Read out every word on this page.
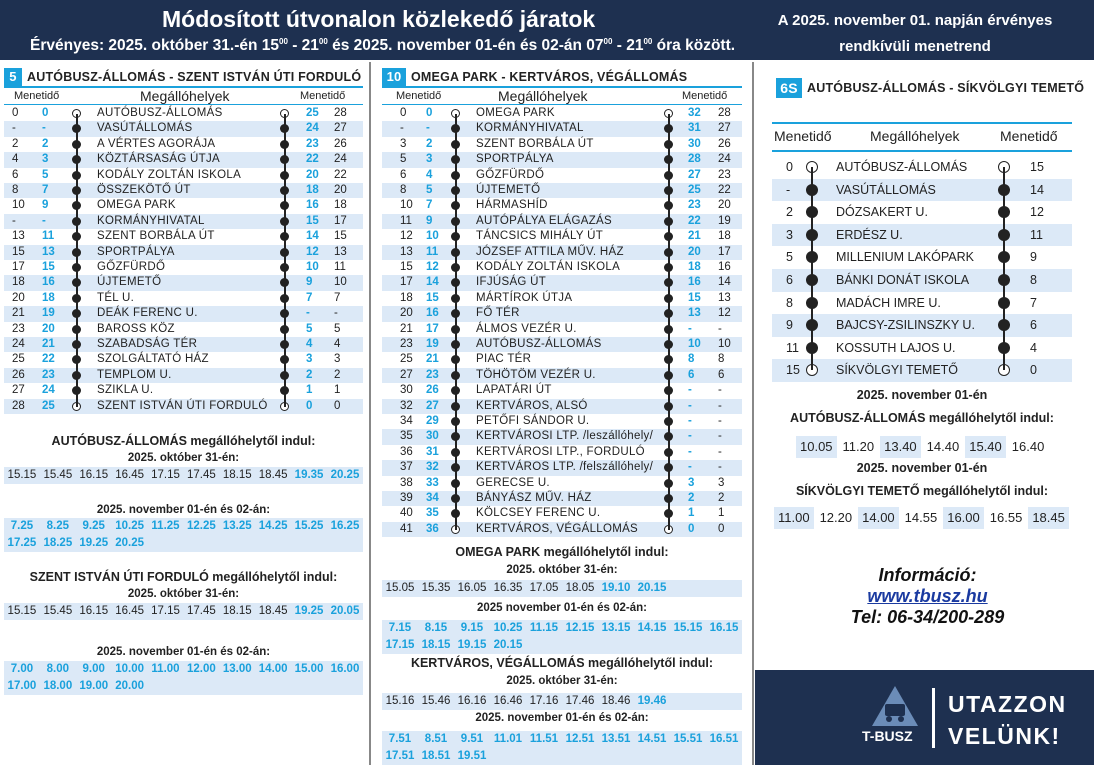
Módosított útvonalon közlekedő járatok
Érvényes: 2025. október 31.-én $15^{00} - 21^{00}$ és 2025. november 01-én és 02-án $07^{00} - 21^{00}$ óra között.
A 2025. november 01. napján érvényes
rendkívüli menetrend
5 AUTÓBUSZ-ÁLLOMÁS - SZENT ISTVÁN ÚTI FORDULÓ
Menetidő	Megállóhelyek	Menetidő
0 0	AUTÓBUSZ-ÁLLOMÁS	25 28
- -	VASÚTÁLLOMÁS	24 27
2 2	A VÉRTES AGORÁJA	23 26
4 3	KÖZTÁRSASÁG ÚTJA	22 24
6 5	KODÁLY ZOLTÁN ISKOLA	20 22
8 7	ÖSSZEKÖTŐ ÚT	18 20
10 9	OMEGA PARK	16 18
- -	KORMÁNYHIVATAL	15 17
13 11	SZENT BORBÁLA ÚT	14 15
15 13	SPORTPÁLYA	12 13
17 15	GŐZFÜRDŐ	10 11
18 16	ÚJTEMETŐ	9 10
20 18	TÉL U.	7 7
21 19	DEÁK FERENC U.	- -
23 20	BAROSS KÖZ	5 5
24 21	SZABADSÁG TÉR	4 4
25 22	SZOLGÁLTATÓ HÁZ	3 3
26 23	TEMPLOM U.	2 2
27 24	SZIKLA U.	1 1
28 25	SZENT ISTVÁN ÚTI FORDULÓ	0 0
AUTÓBUSZ-ÁLLOMÁS megállóhelytől indul:
2025. október 31-én:
15.15 15.45 16.15 16.45 17.15 17.45 18.15 18.45 19.35 20.25
2025. november 01-én és 02-án:
7.25	8.25	9.25 10.25 11.25 12.25 13.25 14.25 15.25 16.25
17.25 18.25 19.25 20.25
SZENT ISTVÁN ÚTI FORDULÓ megállóhelytől indul:
2025. október 31-én:
15.15 15.45 16.15 16.45 17.15 17.45 18.15 18.45 19.25 20.05
2025. november 01-én és 02-án:
7.00	8.00	9.00 10.00 11.00 12.00 13.00 14.00 15.00 16.00
17.00 18.00 19.00 20.00
10 OMEGA PARK - KERTVÁROS, VÉGÁLLOMÁS
Menetidő	Megállóhelyek	Menetidő
0 0	OMEGA PARK	32 28
- -	KORMÁNYHIVATAL	31 27
3 2	SZENT BORBÁLA ÚT	30 26
5 3	SPORTPÁLYA	28 24
6 4	GŐZFÜRDŐ	27 23
8 5	ÚJTEMETŐ	25 22
10 7	HÁRMASHÍD	23 20
11 9	AUTÓPÁLYA ELÁGAZÁS	22 19
12 10	TÁNCSICS MIHÁLY ÚT	21 18
13 11	JÓZSEF ATTILA MŰV. HÁZ	20 17
15 12	KODÁLY ZOLTÁN ISKOLA	18 16
17 14	IFJÚSÁG ÚT	16 14
18 15	MÁRTÍROK ÚTJA	15 13
20 16	FŐ TÉR	13 12
21 17	ÁLMOS VEZÉR U.	- -
23 19	AUTÓBUSZ-ÁLLOMÁS	10 10
25 21	PIAC TÉR	8 8
27 23	TÖHÖTÖM VEZÉR U.	6 6
30 26	LAPATÁRI ÚT	- -
32 27	KERTVÁROS, ALSÓ	- -
34 29	PETŐFI SÁNDOR U.	- -
35 30	KERTVÁROSI LTP. /leszállóhely/	- -
36 31	KERTVÁROSI LTP., FORDULÓ	- -
37 32	KERTVÁROS LTP. /felszállóhely/	- -
38 33	GERECSE U.	3 3
39 34	BÁNYÁSZ MŰV. HÁZ	2 2
40 35	KÖLCSEY FERENC U.	1 1
41 36	KERTVÁROS, VÉGÁLLOMÁS	0 0
OMEGA PARK megállóhelytől indul:
2025. október 31-én:
15.05 15.35 16.05 16.35 17.05 18.05 19.10 20.15
2025 november 01-én és 02-án:
7.15	8.15	9.15 10.25 11.15 12.15 13.15 14.15 15.15 16.15
17.15 18.15 19.15 20.15
KERTVÁROS, VÉGÁLLOMÁS megállóhelytől indul:
2025. október 31-én:
15.16 15.46 16.16 16.46 17.16 17.46 18.46 19.46
2025. november 01-én és 02-án:
7.51	8.51	9.51 11.01 11.51 12.51 13.51 14.51 15.51 16.51
17.51 18.51 19.51
6S AUTÓBUSZ-ÁLLOMÁS - SÍKVÖLGYI TEMETŐ
Menetidő	Megállóhelyek	Menetidő
0	AUTÓBUSZ-ÁLLOMÁS	15
-	VASÚTÁLLOMÁS	14
2	DÓZSAKERT U.	12
3	ERDÉSZ U.	11
5	MILLENIUM LAKÓPARK	9
6	BÁNKI DONÁT ISKOLA	8
8	MADÁCH IMRE U.	7
9	BAJCSY-ZSILINSZKY U.	6
11	KOSSUTH LAJOS U.	4
15	SÍKVÖLGYI TEMETŐ	0
2025. november 01-én
AUTÓBUSZ-ÁLLOMÁS megállóhelytől indul:
10.05 11.20 13.40 14.40 15.40 16.40
2025. november 01-én
SÍKVÖLGYI TEMETŐ megállóhelytől indul:
11.00 12.20 14.00 14.55 16.00 16.55 18.45
Információ:
www.tbusz.hu
Tel: 06-34/200-289
T-BUSZ
UTAZZON
VELÜNK!
